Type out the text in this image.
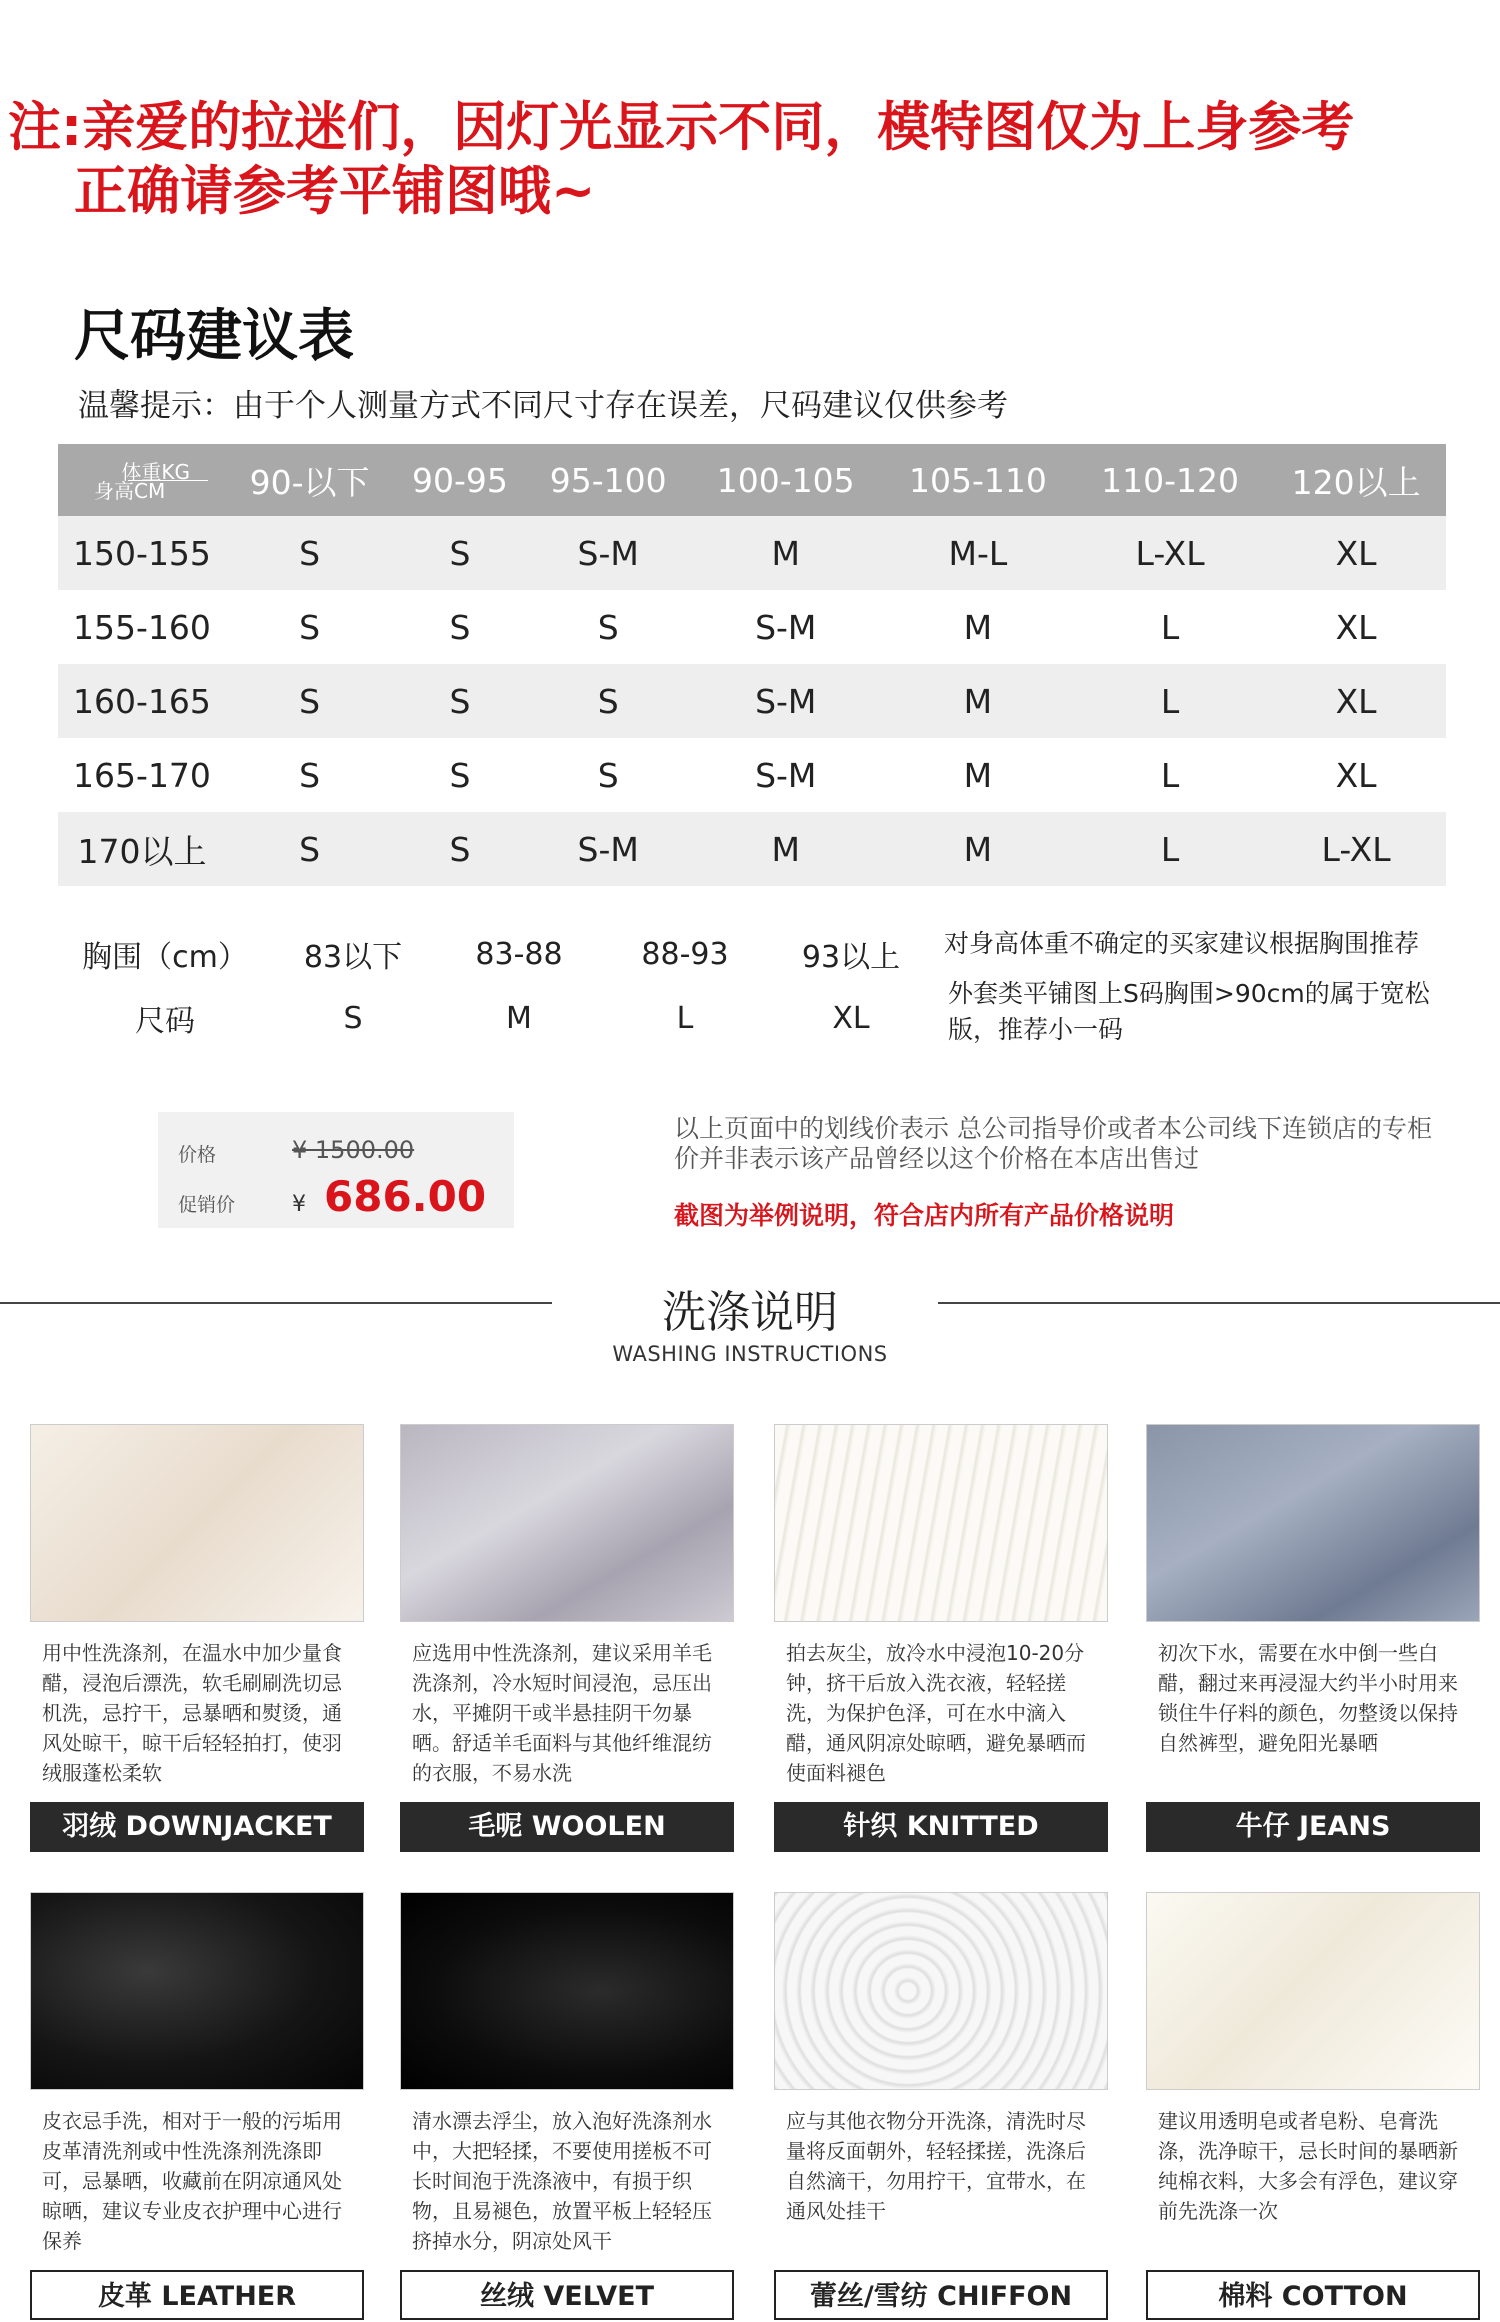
注:亲爱的拉迷们，因灯光显示不同，模特图仅为上身参考
正确请参考平铺图哦~
尺码建议表
温馨提示：由于个人测量方式不同尺寸存在误差，尺码建议仅供参考
体重KG
身高CM	90-以下	90-95	95-100	100-105	105-110	110-120	120以上
150-155	S	S	S-M	M	M-L	L-XL	XL
155-160	S	S	S	S-M	M	L	XL
160-165	S	S	S	S-M	M	L	XL
165-170	S	S	S	S-M	M	L	XL
170以上	S	S	S-M	M	M	L	L-XL
胸围（cm）	83以下	83-88	88-93	93以上
尺码	S	M	L	XL
对身高体重不确定的买家建议根据胸围推荐
外套类平铺图上S码胸围>90cm的属于宽松版，推荐小一码
价格	¥ 1500.00
促销价	¥ 686.00
以上页面中的划线价表示 总公司指导价或者本公司线下连锁店的专柜价并非表示该产品曾经以这个价格在本店出售过
截图为举例说明，符合店内所有产品价格说明
洗涤说明
WASHING INSTRUCTIONS
用中性洗涤剂，在温水中加少量食醋，浸泡后漂洗，软毛刷刷洗切忌机洗，忌拧干，忌暴晒和熨烫，通风处晾干，晾干后轻轻拍打，使羽绒服蓬松柔软
羽绒 DOWNJACKET
应选用中性洗涤剂，建议采用羊毛洗涤剂，冷水短时间浸泡，忌压出水，平摊阴干或半悬挂阴干勿暴晒。舒适羊毛面料与其他纤维混纺的衣服，不易水洗
毛呢 WOOLEN
拍去灰尘，放冷水中浸泡10-20分钟，挤干后放入洗衣液，轻轻搓洗，为保护色泽，可在水中滴入醋，通风阴凉处晾晒，避免暴晒而使面料褪色
针织 KNITTED
初次下水，需要在水中倒一些白醋，翻过来再浸湿大约半小时用来锁住牛仔料的颜色，勿整烫以保持自然裤型，避免阳光暴晒
牛仔 JEANS
皮衣忌手洗，相对于一般的污垢用皮革清洗剂或中性洗涤剂洗涤即可，忌暴晒，收藏前在阴凉通风处晾晒，建议专业皮衣护理中心进行保养
皮革 LEATHER
清水漂去浮尘，放入泡好洗涤剂水中，大把轻揉，不要使用搓板不可长时间泡于洗涤液中，有损于织物，且易褪色，放置平板上轻轻压挤掉水分，阴凉处风干
丝绒 VELVET
应与其他衣物分开洗涤，清洗时尽量将反面朝外，轻轻揉搓，洗涤后自然滴干，勿用拧干，宜带水，在通风处挂干
蕾丝/雪纺 CHIFFON
建议用透明皂或者皂粉、皂膏洗涤，洗净晾干，忌长时间的暴晒新纯棉衣料，大多会有浮色，建议穿前先洗涤一次
棉料 COTTON
